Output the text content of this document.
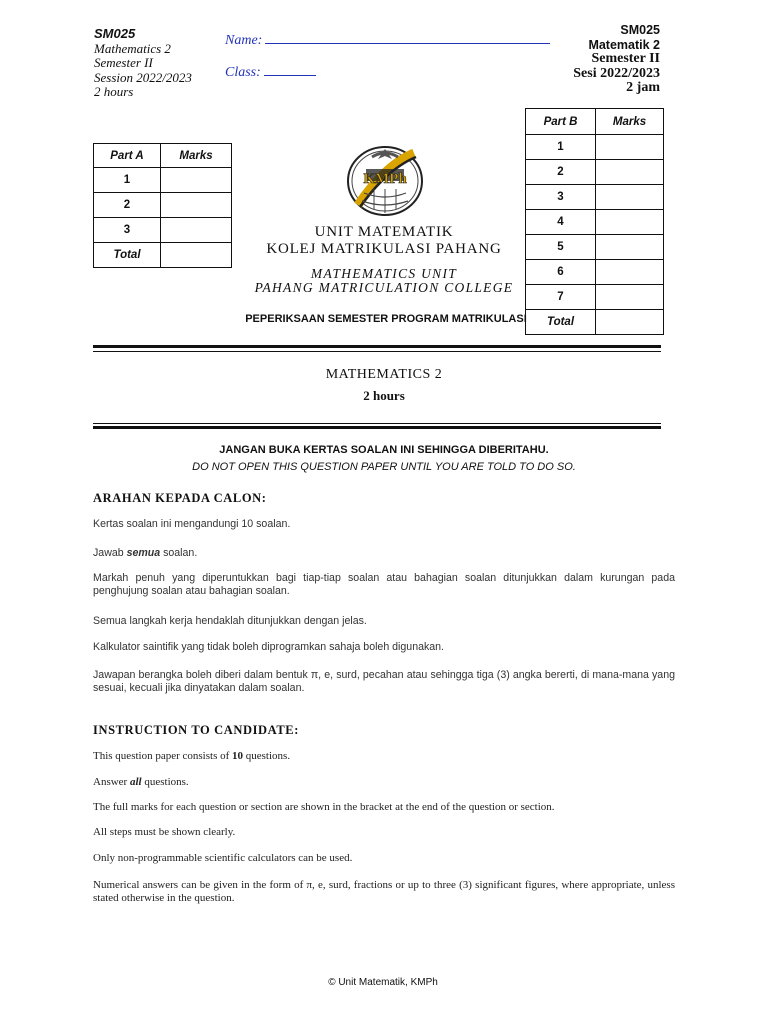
SM025
Mathematics 2
Semester II
Session 2022/2023
2 hours
Name:
Class:
SM025
Matematik 2
Semester II
Sesi 2022/2023
2 jam
Part A	Marks
1	
2	
3	
Total	
Part B	Marks
1	
2	
3	
4	
5	
6	
7	
Total	
KMPh
UNIT MATEMATIK
KOLEJ MATRIKULASI PAHANG
MATHEMATICS UNIT
PAHANG MATRICULATION COLLEGE
PEPERIKSAAN SEMESTER PROGRAM MATRIKULASI
MATHEMATICS 2
2 hours
JANGAN BUKA KERTAS SOALAN INI SEHINGGA DIBERITAHU.
DO NOT OPEN THIS QUESTION PAPER UNTIL YOU ARE TOLD TO DO SO.
ARAHAN KEPADA CALON:
Kertas soalan ini mengandungi 10 soalan.
Jawab semua soalan.
Markah penuh yang diperuntukkan bagi tiap-tiap soalan atau bahagian soalan ditunjukkan dalam kurungan pada penghujung soalan atau bahagian soalan.
Semua langkah kerja hendaklah ditunjukkan dengan jelas.
Kalkulator saintifik yang tidak boleh diprogramkan sahaja boleh digunakan.
Jawapan berangka boleh diberi dalam bentuk π, e, surd, pecahan atau sehingga tiga (3) angka bererti, di mana-mana yang sesuai, kecuali jika dinyatakan dalam soalan.
INSTRUCTION TO CANDIDATE:
This question paper consists of 10 questions.
Answer all questions.
The full marks for each question or section are shown in the bracket at the end of the question or section.
All steps must be shown clearly.
Only non-programmable scientific calculators can be used.
Numerical answers can be given in the form of π, e, surd, fractions or up to three (3) significant figures, where appropriate, unless stated otherwise in the question.
© Unit Matematik, KMPh
